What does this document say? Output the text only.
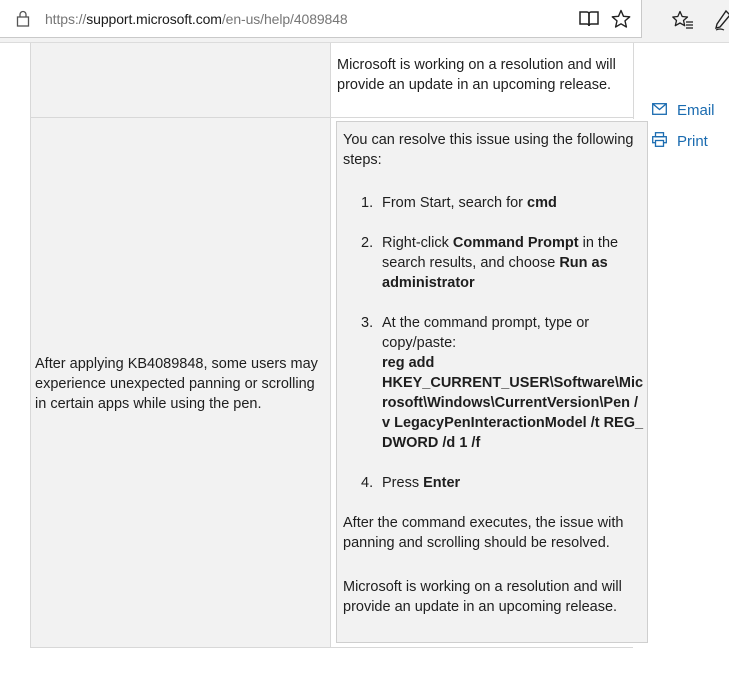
https://support.microsoft.com/en-us/help/4089848
Microsoft is working on a resolution and will provide an update in an upcoming release.
After applying KB4089848, some users may experience unexpected panning or scrolling in certain apps while using the pen.
You can resolve this issue using the following steps:
1. From Start, search for cmd
2. Right-click Command Prompt in the search results, and choose Run as administrator
3. At the command prompt, type or copy/paste:
reg add
HKEY_CURRENT_USER\Software\Microsoft\Windows\CurrentVersion\Pen /v LegacyPenInteractionModel /t REG_DWORD /d 1 /f
4. Press Enter
After the command executes, the issue with panning and scrolling should be resolved.
Microsoft is working on a resolution and will provide an update in an upcoming release.
Email
Print
